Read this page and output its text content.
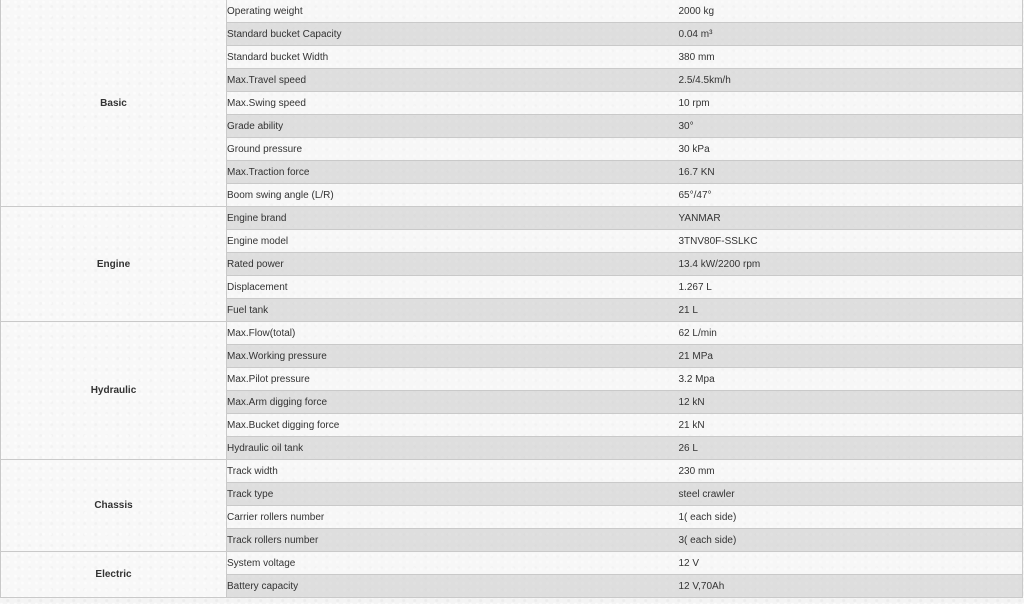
Basic	Operating weight	2000 kg
	Standard bucket Capacity	0.04 m³
	Standard bucket Width	380 mm
	Max.Travel speed	2.5/4.5km/h
	Max.Swing speed	10 rpm
	Grade ability	30°
	Ground pressure	30 kPa
	Max.Traction force	16.7 KN
	Boom swing angle (L/R)	65°/47°
Engine	Engine brand	YANMAR
	Engine model	3TNV80F-SSLKC
	Rated power	13.4 kW/2200 rpm
	Displacement	1.267 L
	Fuel tank	21 L
Hydraulic	Max.Flow(total)	62 L/min
	Max.Working pressure	21 MPa
	Max.Pilot pressure	3.2 Mpa
	Max.Arm digging force	12 kN
	Max.Bucket digging force	21 kN
	Hydraulic oil tank	26 L
Chassis	Track width	230 mm
	Track type	steel crawler
	Carrier rollers number	1( each side)
	Track rollers number	3( each side)
Electric	System voltage	12 V
	Battery capacity	12 V,70Ah
